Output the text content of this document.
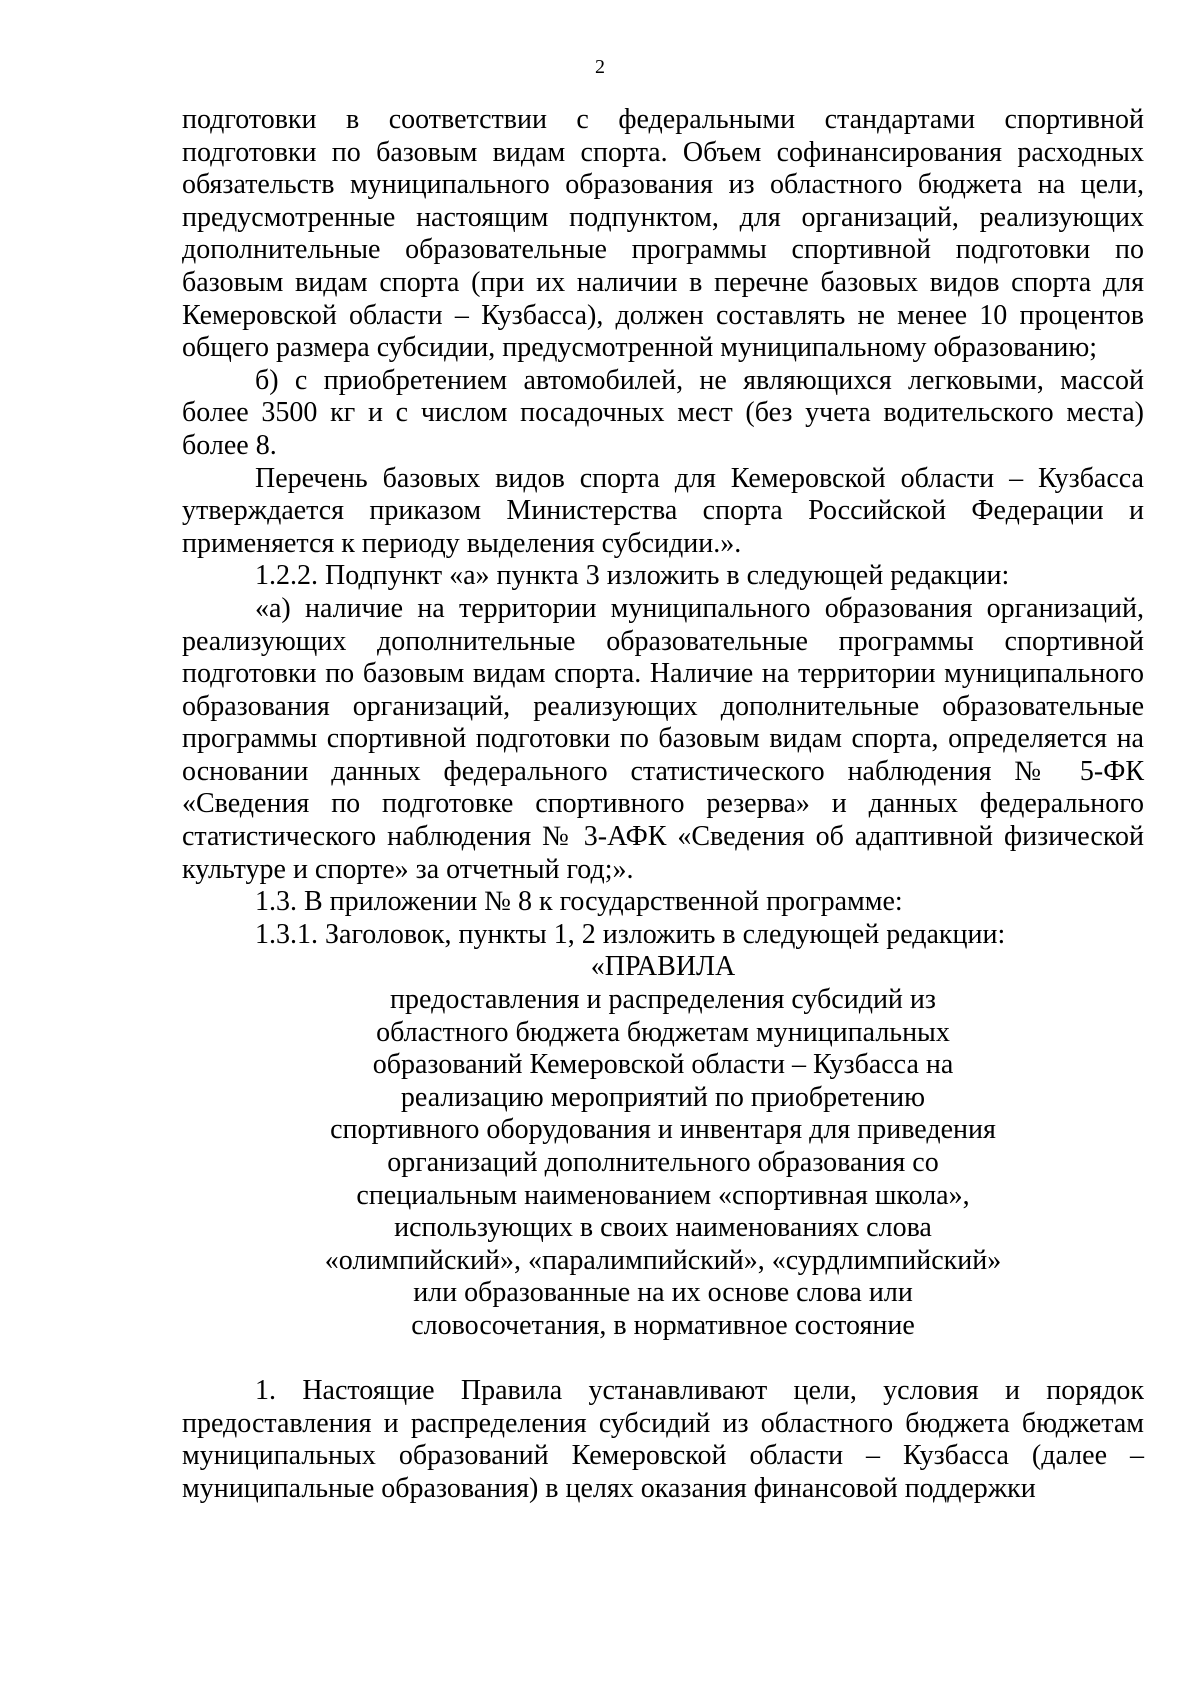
2

подготовки в соответствии с федеральными стандартами спортивной подготовки по базовым видам спорта. Объем софинансирования расходных обязательств муниципального образования из областного бюджета на цели, предусмотренные настоящим подпунктом, для организаций, реализующих дополнительные образовательные программы спортивной подготовки по базовым видам спорта (при их наличии в перечне базовых видов спорта для Кемеровской области – Кузбасса), должен составлять не менее 10 процентов общего размера субсидии, предусмотренной муниципальному образованию;

б) с приобретением автомобилей, не являющихся легковыми, массой более 3500 кг и с числом посадочных мест (без учета водительского места) более 8.

Перечень базовых видов спорта для Кемеровской области – Кузбасса утверждается приказом Министерства спорта Российской Федерации и применяется к периоду выделения субсидии.».

1.2.2. Подпункт «а» пункта 3 изложить в следующей редакции:

«а) наличие на территории муниципального образования организаций, реализующих дополнительные образовательные программы спортивной подготовки по базовым видам спорта. Наличие на территории муниципального образования организаций, реализующих дополнительные образовательные программы спортивной подготовки по базовым видам спорта, определяется на основании данных федерального статистического наблюдения № 5-ФК «Сведения по подготовке спортивного резерва» и данных федерального статистического наблюдения № 3-АФК «Сведения об адаптивной физической культуре и спорте» за отчетный год;».

1.3. В приложении № 8 к государственной программе:

1.3.1. Заголовок, пункты 1, 2 изложить в следующей редакции:

«ПРАВИЛА

предоставления и распределения субсидий из

областного бюджета бюджетам муниципальных

образований Кемеровской области – Кузбасса на

реализацию мероприятий по приобретению

спортивного оборудования и инвентаря для приведения

организаций дополнительного образования со

специальным наименованием «спортивная школа»,

использующих в своих наименованиях слова

«олимпийский», «паралимпийский», «сурдлимпийский»

или образованные на их основе слова или

словосочетания, в нормативное состояние

1. Настоящие Правила устанавливают цели, условия и порядок предоставления и распределения субсидий из областного бюджета бюджетам муниципальных образований Кемеровской области – Кузбасса (далее – муниципальные образования) в целях оказания финансовой поддержки
